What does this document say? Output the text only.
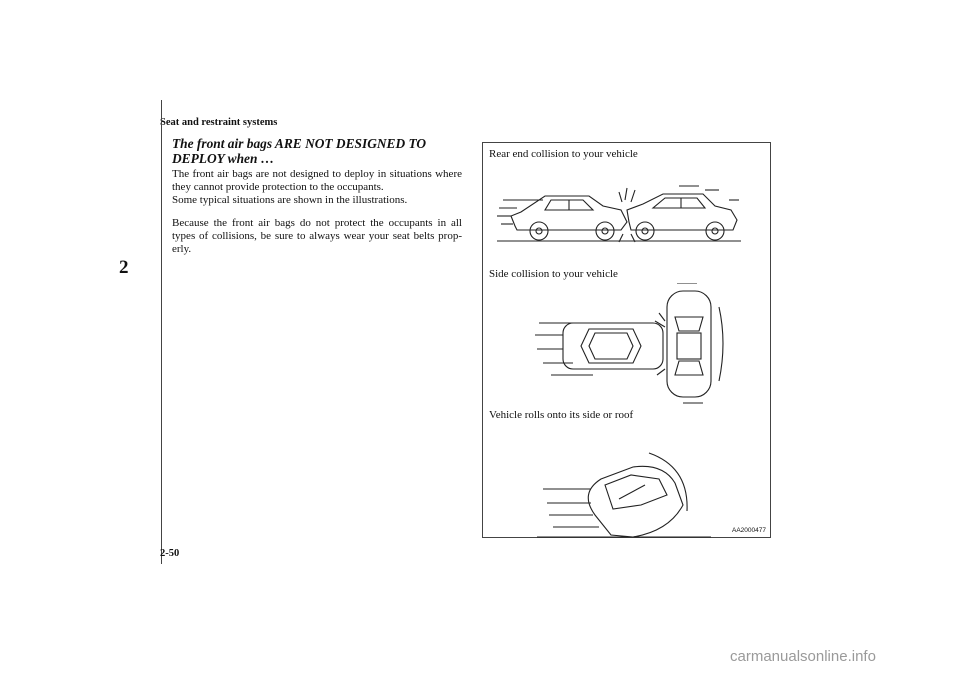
Seat and restraint systems
2
The front air bags ARE NOT DESIGNED TO
DEPLOY when …
The front air bags are not designed to deploy in situations where they cannot provide protection to the occupants.
Some typical situations are shown in the illustrations.
Because the front air bags do not protect the occupants in all types of collisions, be sure to always wear your seat belts prop-erly.
Rear end collision to your vehicle
Side collision to your vehicle
Vehicle rolls onto its side or roof
AA2000477
2-50
carmanualsonline.info
